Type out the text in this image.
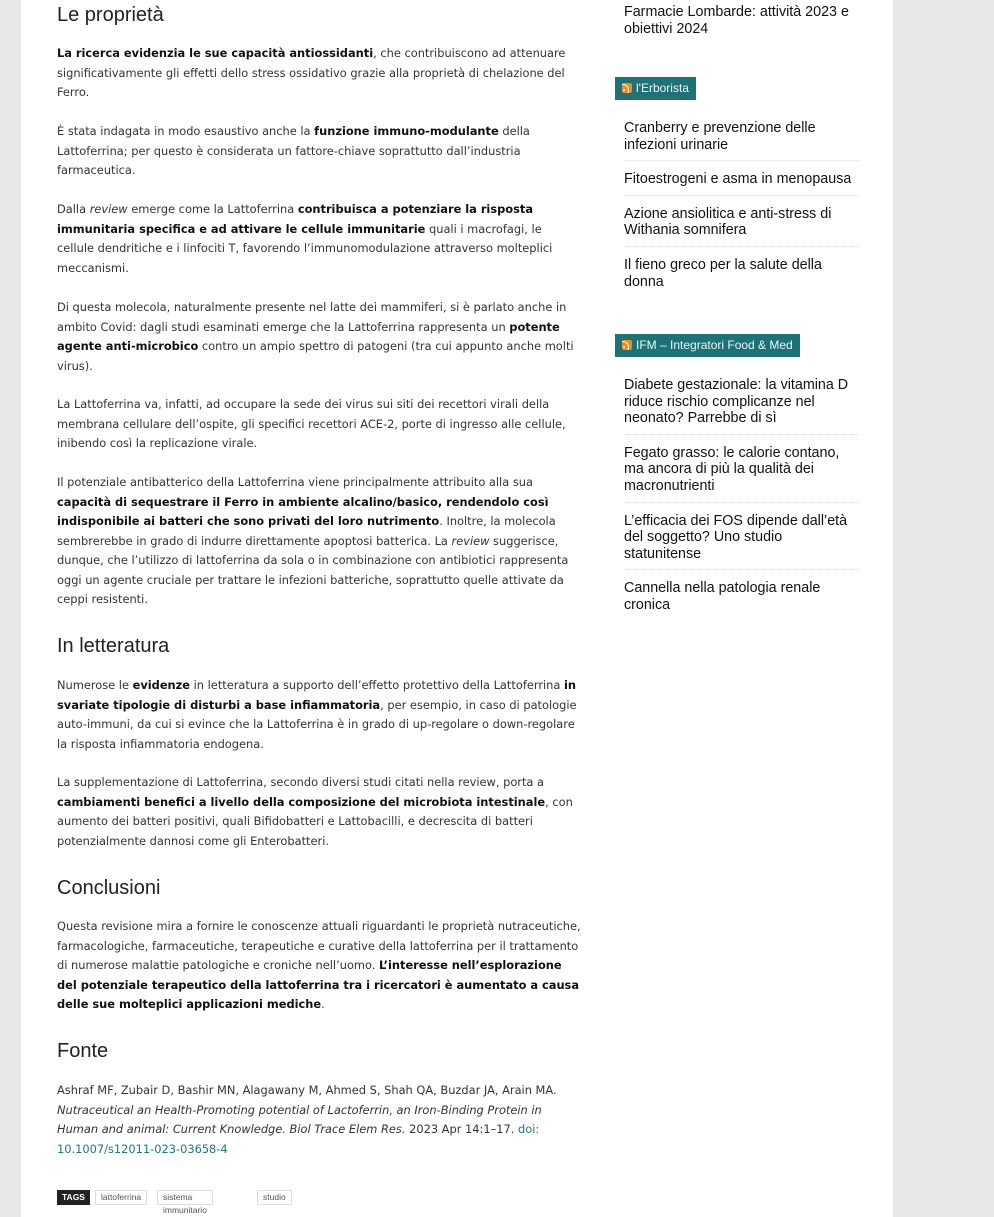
Le proprietà

La ricerca evidenzia le sue capacità antiossidanti, che contribuiscono ad attenuare significativamente gli effetti dello stress ossidativo grazie alla proprietà di chelazione del Ferro.

È stata indagata in modo esaustivo anche la funzione immuno-modulante della Lattoferrina; per questo è considerata un fattore-chiave soprattutto dall’industria farmaceutica.

Dalla review emerge come la Lattoferrina contribuisca a potenziare la risposta immunitaria specifica e ad attivare le cellule immunitarie quali i macrofagi, le cellule dendritiche e i linfociti T, favorendo l’immunomodulazione attraverso molteplici meccanismi.

Di questa molecola, naturalmente presente nel latte dei mammiferi, si è parlato anche in ambito Covid: dagli studi esaminati emerge che la Lattoferrina rappresenta un potente agente anti-microbico contro un ampio spettro di patogeni (tra cui appunto anche molti virus).

La Lattoferrina va, infatti, ad occupare la sede dei virus sui siti dei recettori virali della membrana cellulare dell’ospite, gli specifici recettori ACE-2, porte di ingresso alle cellule, inibendo così la replicazione virale.

Il potenziale antibatterico della Lattoferrina viene principalmente attribuito alla sua capacità di sequestrare il Ferro in ambiente alcalino/basico, rendendolo così indisponibile ai batteri che sono privati del loro nutrimento. Inoltre, la molecola sembrerebbe in grado di indurre direttamente apoptosi batterica. La review suggerisce, dunque, che l’utilizzo di lattoferrina da sola o in combinazione con antibiotici rappresenta oggi un agente cruciale per trattare le infezioni batteriche, soprattutto quelle attivate da ceppi resistenti.

In letteratura

Numerose le evidenze in letteratura a supporto dell’effetto protettivo della Lattoferrina in svariate tipologie di disturbi a base infiammatoria, per esempio, in caso di patologie auto-immuni, da cui si evince che la Lattoferrina è in grado di up-regolare o down-regolare la risposta infiammatoria endogena.

La supplementazione di Lattoferrina, secondo diversi studi citati nella review, porta a cambiamenti benefici a livello della composizione del microbiota intestinale, con aumento dei batteri positivi, quali Bifidobatteri e Lattobacilli, e decrescita di batteri potenzialmente dannosi come gli Enterobatteri.

Conclusioni

Questa revisione mira a fornire le conoscenze attuali riguardanti le proprietà nutraceutiche, farmacologiche, farmaceutiche, terapeutiche e curative della lattoferrina per il trattamento di numerose malattie patologiche e croniche nell’uomo. L’interesse nell’esplorazione del potenziale terapeutico della lattoferrina tra i ricercatori è aumentato a causa delle sue molteplici applicazioni mediche.

Fonte

Ashraf MF, Zubair D, Bashir MN, Alagawany M, Ahmed S, Shah QA, Buzdar JA, Arain MA. Nutraceutical an Health-Promoting potential of Lactoferrin, an Iron-Binding Protein in Human and animal: Current Knowledge. Biol Trace Elem Res. 2023 Apr 14:1–17. doi: 10.1007/s12011-023-03658-4

TAGS	lattoferrina	sistema immunitario
studio
Farmacie Lombarde: attività 2023 e obiettivi 2024
l'Erborista
Cranberry e prevenzione delle infezioni urinarie
Fitoestrogeni e asma in menopausa
Azione ansiolitica e anti-stress di Withania somnifera
Il fieno greco per la salute della donna
IFM – Integratori Food & Med
Diabete gestazionale: la vitamina D riduce rischio complicanze nel neonato? Parrebbe di sì
Fegato grasso: le calorie contano, ma ancora di più la qualità dei macronutrienti
L’efficacia dei FOS dipende dall’età del soggetto? Uno studio statunitense
Cannella nella patologia renale cronica
